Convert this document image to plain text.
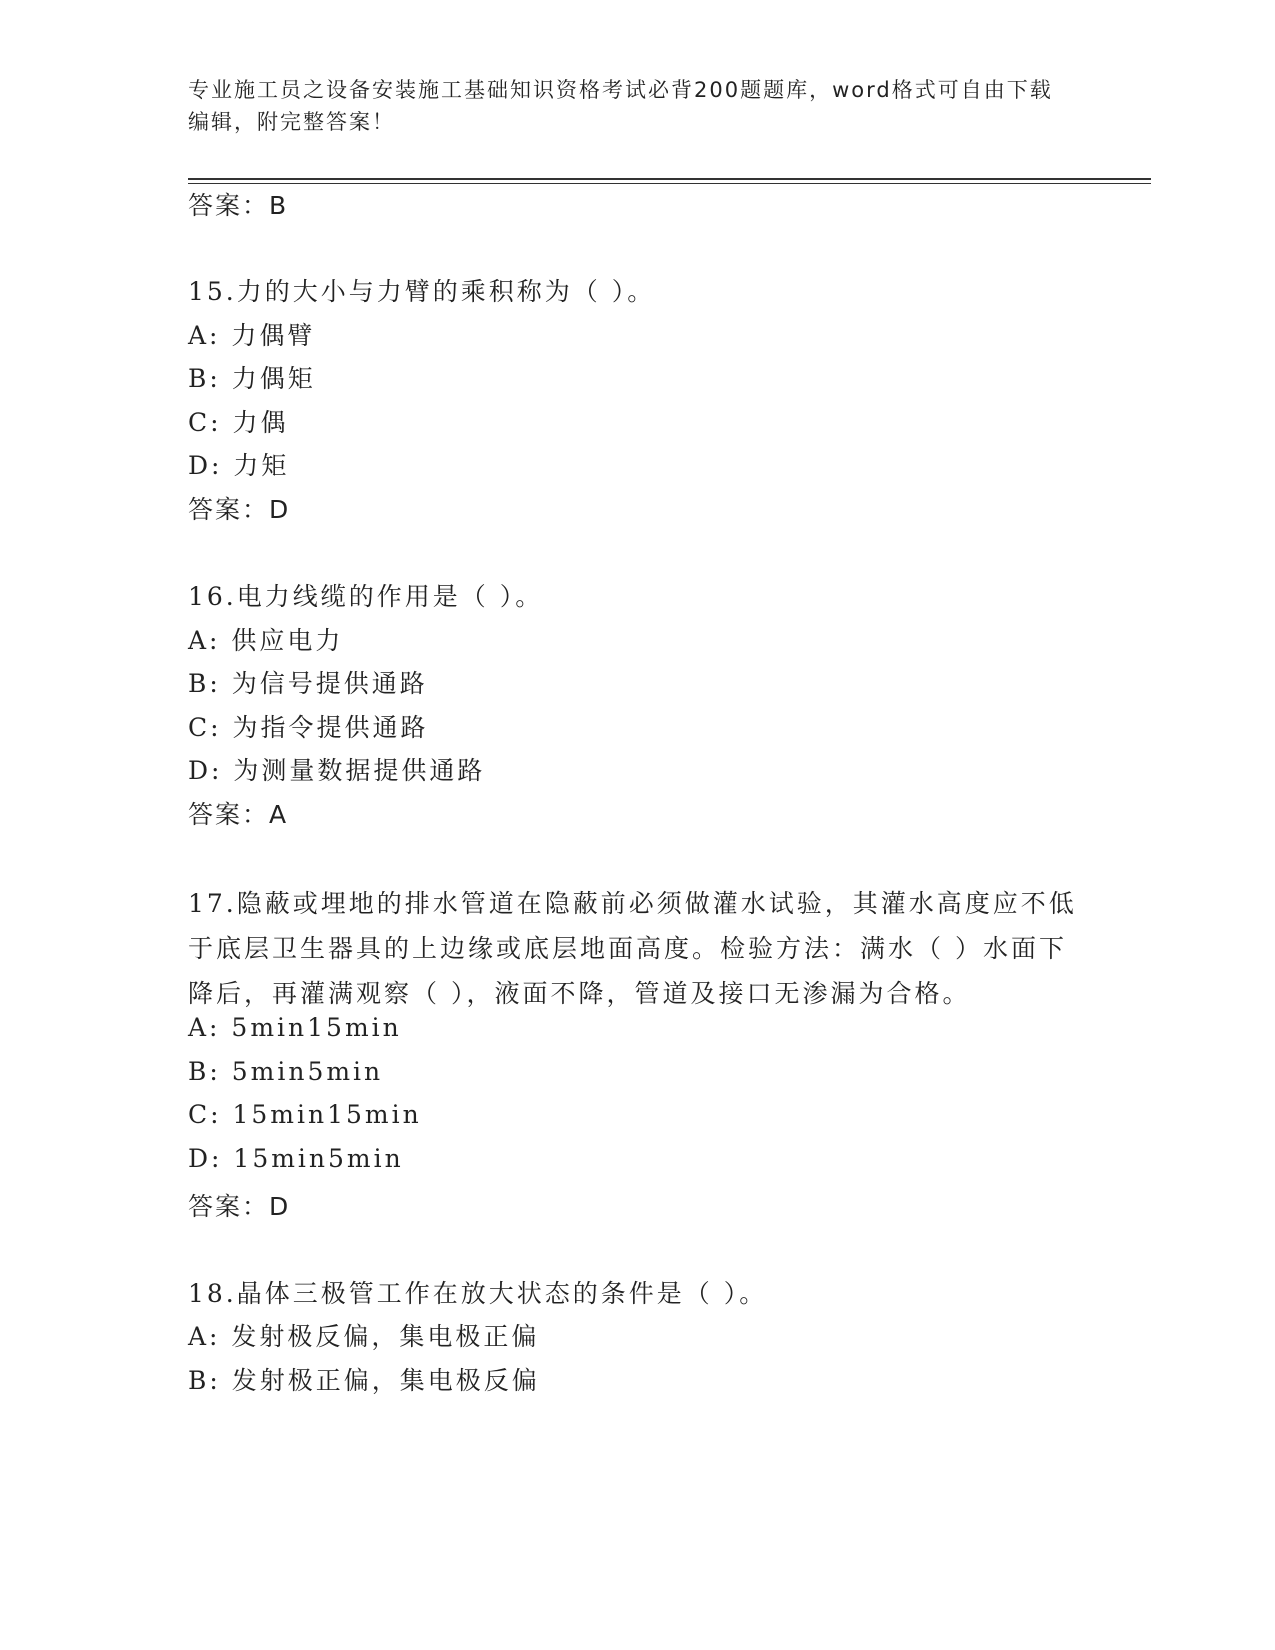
专业施工员之设备安装施工基础知识资格考试必背200题题库，word格式可自由下载编辑，附完整答案！
答案：B
15.力的大小与力臂的乘积称为（ ）。
A: 力偶臂
B: 力偶矩
C: 力偶
D: 力矩
答案：D
16.电力线缆的作用是（ ）。
A: 供应电力
B: 为信号提供通路
C: 为指令提供通路
D: 为测量数据提供通路
答案：A
17.隐蔽或埋地的排水管道在隐蔽前必须做灌水试验，其灌水高度应不低于底层卫生器具的上边缘或底层地面高度。检验方法：满水（ ）水面下降后，再灌满观察（ ），液面不降，管道及接口无渗漏为合格。
A: 5min15min
B: 5min5min
C: 15min15min
D: 15min5min
答案：D
18.晶体三极管工作在放大状态的条件是（ ）。
A: 发射极反偏，集电极正偏
B: 发射极正偏，集电极反偏
